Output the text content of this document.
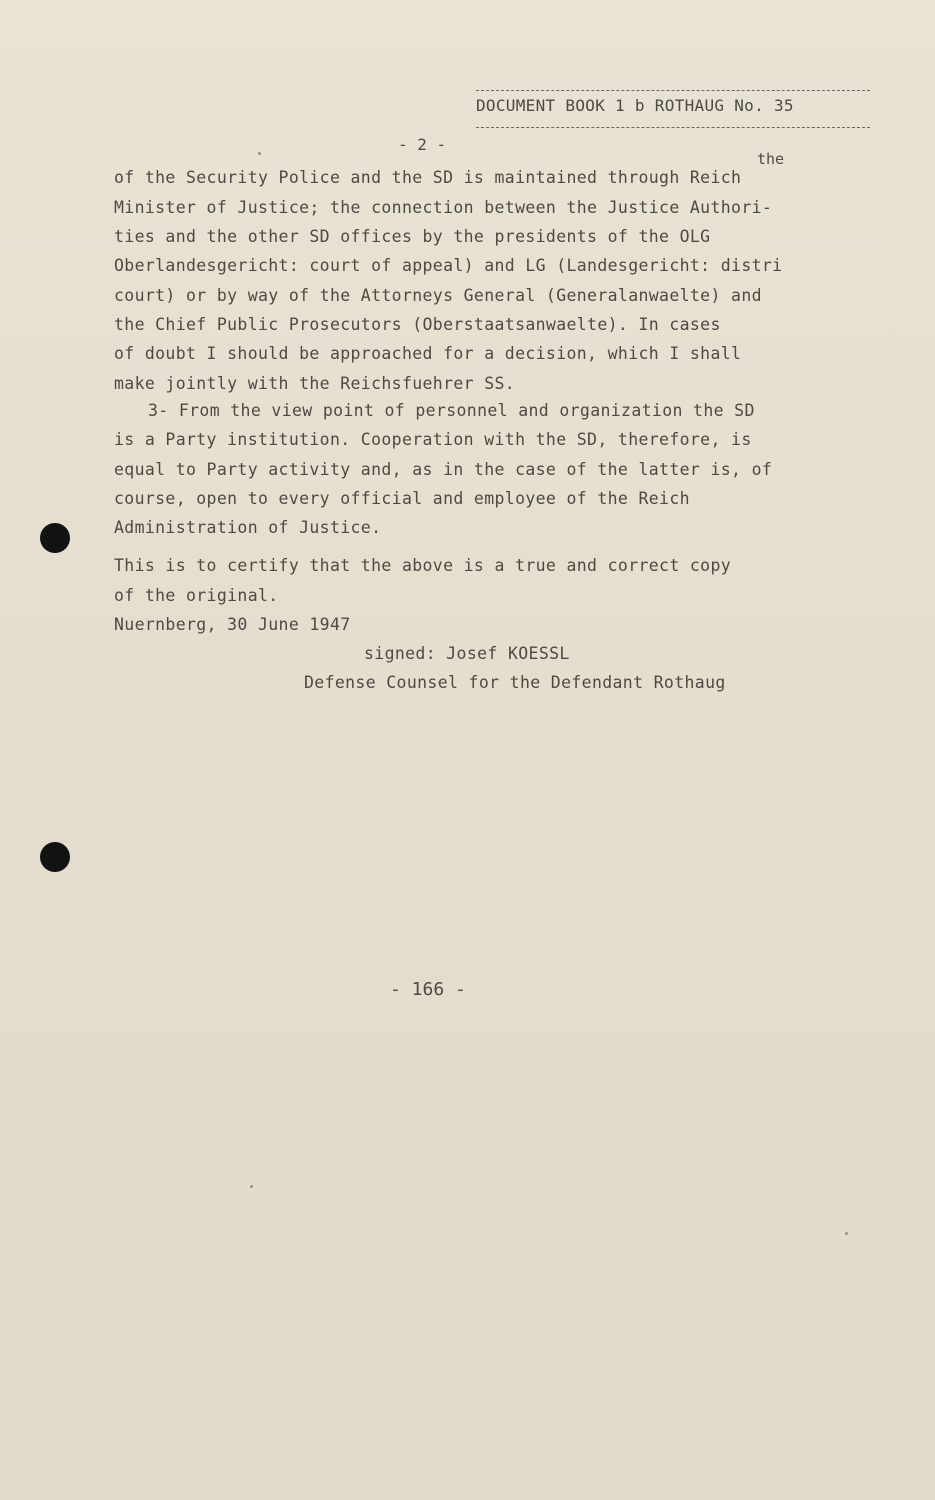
DOCUMENT BOOK 1 b ROTHAUG No. 35
- 2 -
the
of the Security Police and the SD is maintained through Reich
Minister of Justice; the connection between the Justice Authori-
ties and the other SD offices by the presidents of the OLG
Oberlandesgericht: court of appeal) and LG (Landesgericht: distri
court) or by way of the Attorneys General (Generalanwaelte) and
the Chief Public Prosecutors (Oberstaatsanwaelte). In cases
of doubt I should be approached for a decision, which I shall
make jointly with the Reichsfuehrer SS.
3- From the view point of personnel and organization the SD
is a Party institution. Cooperation with the SD, therefore, is
equal to Party activity and, as in the case of the latter is, of
course, open to every official and employee of the Reich
Administration of Justice.
This is to certify that the above is a true and correct copy
of the original.
Nuernberg, 30 June 1947
signed: Josef KOESSL
Defense Counsel for the Defendant Rothaug
- 166 -
